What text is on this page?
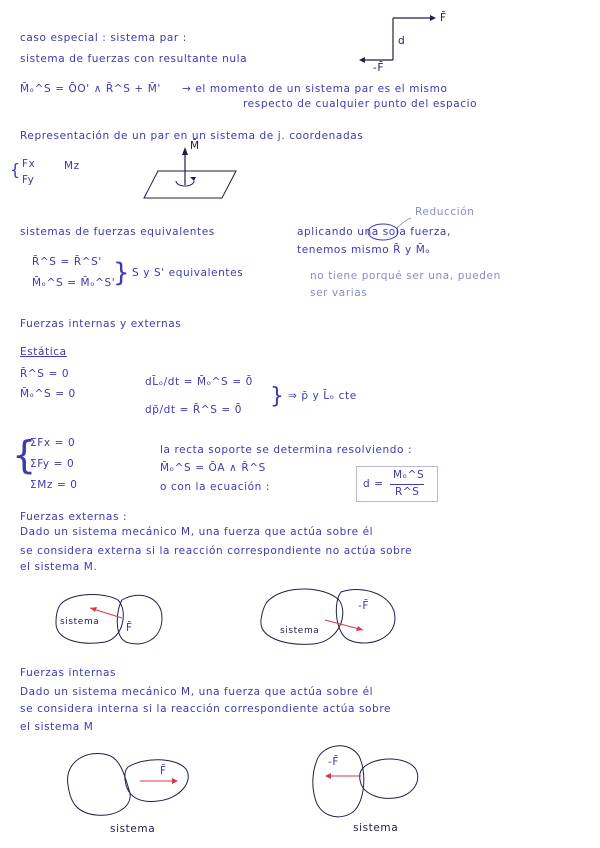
caso especial : sistema par :
sistema de fuerzas con resultante nula
M̄ₒ^S = ŌO' ∧ R̄^S + M̄' → el momento de un sistema par es el mismo
respecto de cualquier punto del espacio
F̄
d
-F̄
Representación de un par en un sistema de j. coordenadas
{ Fx
Fy
Mz
M̄
sistemas de fuerzas equivalentes
R̄^S = R̄^S'
M̄ₒ^S = M̄ₒ^S'
} S y S' equivalentes
aplicando una sola fuerza,
Reducción
tenemos mismo R̄ y M̄ₒ
no tiene porqué ser una, pueden
ser varias
Fuerzas internas y externas
Estática
R̄^S = 0
M̄ₒ^S = 0
dL̄ₒ/dt = M̄ₒ^S = 0̄
dp̄/dt = R̄^S = 0̄
} ⇒ p̄ y L̄ₒ cte
{
ΣFx = 0
ΣFy = 0
ΣMz = 0
la recta soporte se determina resolviendo :
M̄ₒ^S = ŌA ∧ R̄^S
o con la ecuación :	d =
Mₒ^S
R^S
Fuerzas externas :
Dado un sistema mecánico M, una fuerza que actúa sobre él
se considera externa si la reacción correspondiente no actúa sobre
el sistema M.
sistema	F̄	sistema
-F̄
Fuerzas internas
Dado un sistema mecánico M, una fuerza que actúa sobre él
se considera interna si la reacción correspondiente actúa sobre
el sistema M
F̄
sistema
-F̄
sistema
